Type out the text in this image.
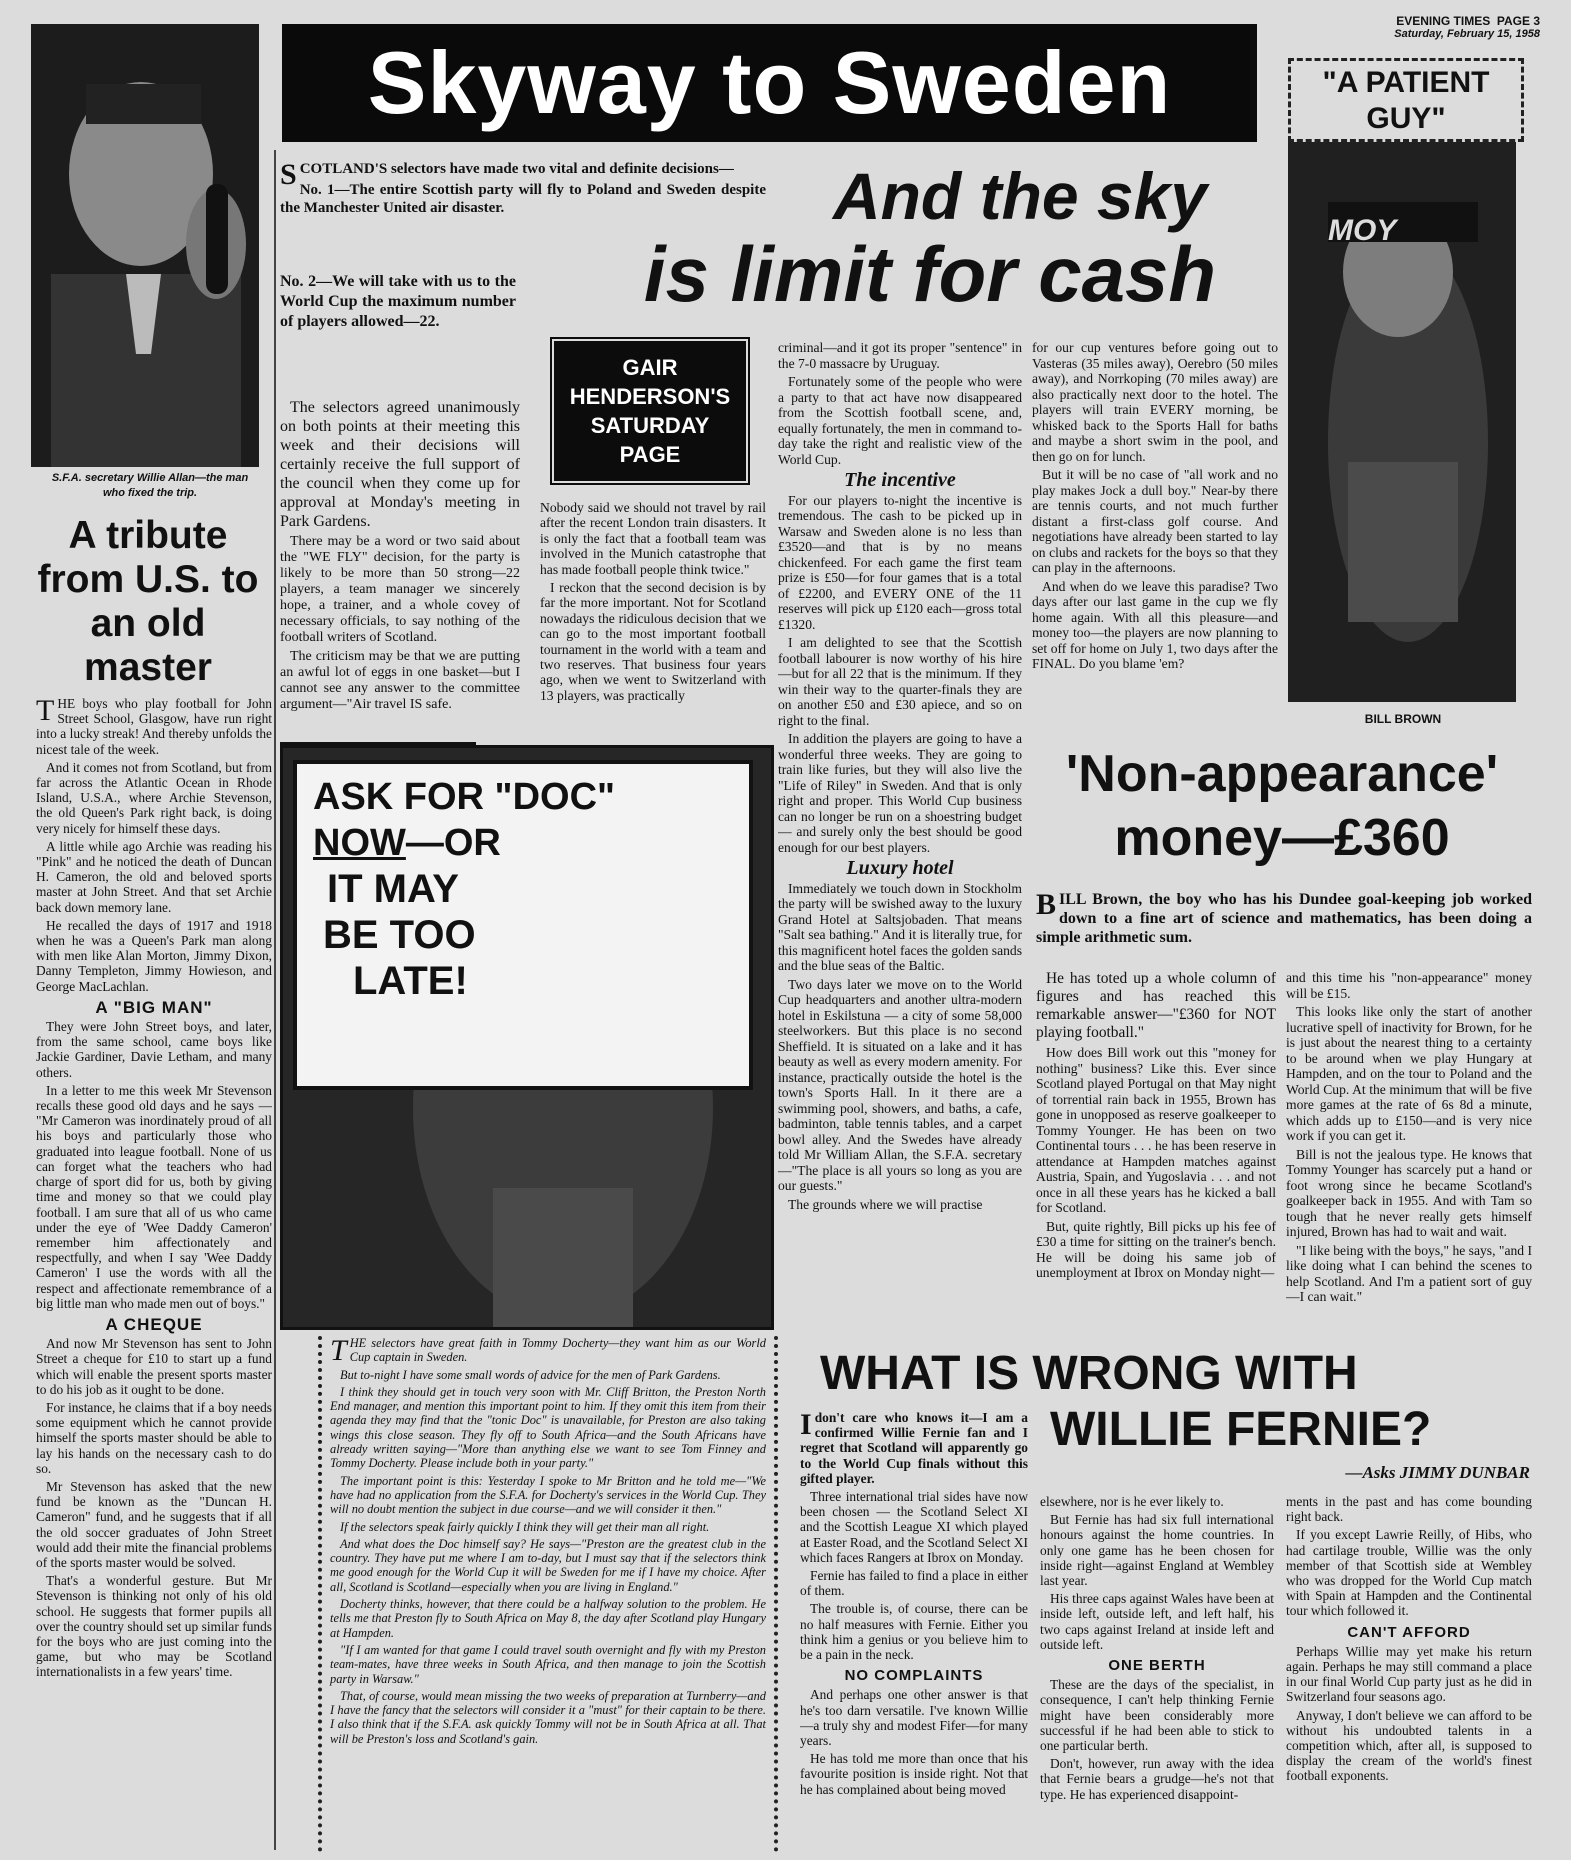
EVENING TIMES PAGE 3
Saturday, February 15, 1958
Skyway to Sweden
S.F.A. secretary Willie Allan—the man who fixed the trip.
A tribute from U.S. to an old master

THE boys who play football for John Street School, Glasgow, have run right into a lucky streak! And thereby unfolds the nicest tale of the week.

And it comes not from Scotland, but from far across the Atlantic Ocean in Rhode Island, U.S.A., where Archie Stevenson, the old Queen's Park right back, is doing very nicely for himself these days.

A little while ago Archie was reading his "Pink" and he noticed the death of Duncan H. Cameron, the old and beloved sports master at John Street. And that set Archie back down memory lane.

He recalled the days of 1917 and 1918 when he was a Queen's Park man along with men like Alan Morton, Jimmy Dixon, Danny Templeton, Jimmy Howieson, and George MacLachlan.

A "BIG MAN"

They were John Street boys, and later, from the same school, came boys like Jackie Gardiner, Davie Letham, and many others.

In a letter to me this week Mr Stevenson recalls these good old days and he says — "Mr Cameron was inordinately proud of all his boys and particularly those who graduated into league football. None of us can forget what the teachers who had charge of sport did for us, both by giving time and money so that we could play football. I am sure that all of us who came under the eye of 'Wee Daddy Cameron' remember him affectionately and respectfully, and when I say 'Wee Daddy Cameron' I use the words with all the respect and affectionate remembrance of a big little man who made men out of boys."

A CHEQUE

And now Mr Stevenson has sent to John Street a cheque for £10 to start up a fund which will enable the present sports master to do his job as it ought to be done.

For instance, he claims that if a boy needs some equipment which he cannot provide himself the sports master should be able to lay his hands on the necessary cash to do so.

Mr Stevenson has asked that the new fund be known as the "Duncan H. Cameron" fund, and he suggests that if all the old soccer graduates of John Street would add their mite the financial problems of the sports master would be solved.

That's a wonderful gesture. But Mr Stevenson is thinking not only of his old school. He suggests that former pupils all over the country should set up similar funds for the boys who are just coming into the game, but who may be Scotland internationalists in a few years' time.

SCOTLAND'S selectors have made two vital and definite decisions—

No. 1—The entire Scottish party will fly to Poland and Sweden despite the Manchester United air disaster.

No. 2—We will take with us to the World Cup the maximum number of players allowed—22.

And the sky
is limit for cash

The selectors agreed unanimously on both points at their meeting this week and their decisions will certainly receive the full support of the council when they come up for approval at Monday's meeting in Park Gardens.

There may be a word or two said about the "WE FLY" decision, for the party is likely to be more than 50 strong—22 players, a team manager we sincerely hope, a trainer, and a whole covey of necessary officials, to say nothing of the football writers of Scotland.

The criticism may be that we are putting an awful lot of eggs in one basket—but I cannot see any answer to the committee argument—"Air travel IS safe.

GAIR
HENDERSON'S
SATURDAY
PAGE

Nobody said we should not travel by rail after the recent London train disasters. It is only the fact that a football team was involved in the Munich catastrophe that has made football people think twice."

I reckon that the second decision is by far the more important. Not for Scotland nowadays the ridiculous decision that we can go to the most important football tournament in the world with a team and two reserves. That business four years ago, when we went to Switzerland with 13 players, was practically

criminal—and it got its proper "sentence" in the 7-0 massacre by Uruguay.

Fortunately some of the people who were a party to that act have now disappeared from the Scottish football scene, and, equally fortunately, the men in command to-day take the right and realistic view of the World Cup.

The incentive

For our players to-night the incentive is tremendous. The cash to be picked up in Warsaw and Sweden alone is no less than £3520—and that is by no means chickenfeed. For each game the first team prize is £50—for four games that is a total of £2200, and EVERY ONE of the 11 reserves will pick up £120 each—gross total £1320.

I am delighted to see that the Scottish football labourer is now worthy of his hire—but for all 22 that is the minimum. If they win their way to the quarter-finals they are on another £50 and £30 apiece, and so on right to the final.

In addition the players are going to have a wonderful three weeks. They are going to train like furies, but they will also live the "Life of Riley" in Sweden. And that is only right and proper. This World Cup business can no longer be run on a shoestring budget — and surely only the best should be good enough for our best players.

Luxury hotel

Immediately we touch down in Stockholm the party will be swished away to the luxury Grand Hotel at Saltsjobaden. That means "Salt sea bathing." And it is literally true, for this magnificent hotel faces the golden sands and the blue seas of the Baltic.

Two days later we move on to the World Cup headquarters and another ultra-modern hotel in Eskilstuna — a city of some 58,000 steelworkers. But this place is no second Sheffield. It is situated on a lake and it has beauty as well as every modern amenity. For instance, practically outside the hotel is the town's Sports Hall. In it there are a swimming pool, showers, and baths, a cafe, badminton, table tennis tables, and a carpet bowl alley. And the Swedes have already told Mr William Allan, the S.F.A. secretary—"The place is all yours so long as you are our guests."

The grounds where we will practise

for our cup ventures before going out to Vasteras (35 miles away), Oerebro (50 miles away), and Norrkoping (70 miles away) are also practically next door to the hotel. The players will train EVERY morning, be whisked back to the Sports Hall for baths and maybe a short swim in the pool, and then go on for lunch.

But it will be no case of "all work and no play makes Jock a dull boy." Near-by there are tennis courts, and not much further distant a first-class golf course. And negotiations have already been started to lay on clubs and rackets for the boys so that they can play in the afternoons.

And when do we leave this paradise? Two days after our last game in the cup we fly home again. With all this pleasure—and money too—the players are now planning to set off for home on July 1, two days after the FINAL. Do you blame 'em?

"A PATIENT GUY"
MOY
BILL BROWN
ASK FOR "DOC"
NOW—OR
IT MAY
BE TOO
LATE!

THE selectors have great faith in Tommy Docherty—they want him as our World Cup captain in Sweden.

But to-night I have some small words of advice for the men of Park Gardens.

I think they should get in touch very soon with Mr. Cliff Britton, the Preston North End manager, and mention this important point to him. If they omit this item from their agenda they may find that the "tonic Doc" is unavailable, for Preston are also taking wings this close season. They fly off to South Africa—and the South Africans have already written saying—"More than anything else we want to see Tom Finney and Tommy Docherty. Please include both in your party."

The important point is this: Yesterday I spoke to Mr Britton and he told me—"We have had no application from the S.F.A. for Docherty's services in the World Cup. They will no doubt mention the subject in due course—and we will consider it then."

If the selectors speak fairly quickly I think they will get their man all right.

And what does the Doc himself say? He says—"Preston are the greatest club in the country. They have put me where I am to-day, but I must say that if the selectors think me good enough for the World Cup it will be Sweden for me if I have my choice. After all, Scotland is Scotland—especially when you are living in England."

Docherty thinks, however, that there could be a halfway solution to the problem. He tells me that Preston fly to South Africa on May 8, the day after Scotland play Hungary at Hampden.

"If I am wanted for that game I could travel south overnight and fly with my Preston team-mates, have three weeks in South Africa, and then manage to join the Scottish party in Warsaw."

That, of course, would mean missing the two weeks of preparation at Turnberry—and I have the fancy that the selectors will consider it a "must" for their captain to be there. I also think that if the S.F.A. ask quickly Tommy will not be in South Africa at all. That will be Preston's loss and Scotland's gain.

'Non-appearance'
money—£360

BILL Brown, the boy who has his Dundee goal-keeping job worked down to a fine art of science and mathematics, has been doing a simple arithmetic sum.

He has toted up a whole column of figures and has reached this remarkable answer—"£360 for NOT playing football."

How does Bill work out this "money for nothing" business? Like this. Ever since Scotland played Portugal on that May night of torrential rain back in 1955, Brown has gone in unopposed as reserve goalkeeper to Tommy Younger. He has been on two Continental tours . . . he has been reserve in attendance at Hampden matches against Austria, Spain, and Yugoslavia . . . and not once in all these years has he kicked a ball for Scotland.

But, quite rightly, Bill picks up his fee of £30 a time for sitting on the trainer's bench. He will be doing his same job of unemployment at Ibrox on Monday night—

and this time his "non-appearance" money will be £15.

This looks like only the start of another lucrative spell of inactivity for Brown, for he is just about the nearest thing to a certainty to be around when we play Hungary at Hampden, and on the tour to Poland and the World Cup. At the minimum that will be five more games at the rate of 6s 8d a minute, which adds up to £150—and is very nice work if you can get it.

Bill is not the jealous type. He knows that Tommy Younger has scarcely put a hand or foot wrong since he became Scotland's goalkeeper back in 1955. And with Tam so tough that he never really gets himself injured, Brown has had to wait and wait.

"I like being with the boys," he says, "and I like doing what I can behind the scenes to help Scotland. And I'm a patient sort of guy—I can wait."

WHAT IS WRONG WITH
WILLIE FERNIE?
—Asks JIMMY DUNBAR

Idon't care who knows it—I am a confirmed Willie Fernie fan and I regret that Scotland will apparently go to the World Cup finals without this gifted player.

Three international trial sides have now been chosen — the Scotland Select XI and the Scottish League XI which played at Easter Road, and the Scotland Select XI which faces Rangers at Ibrox on Monday.

Fernie has failed to find a place in either of them.

The trouble is, of course, there can be no half measures with Fernie. Either you think him a genius or you believe him to be a pain in the neck.

NO COMPLAINTS

And perhaps one other answer is that he's too darn versatile. I've known Willie—a truly shy and modest Fifer—for many years.

He has told me more than once that his favourite position is inside right. Not that he has complained about being moved

elsewhere, nor is he ever likely to.

But Fernie has had six full international honours against the home countries. In only one game has he been chosen for inside right—against England at Wembley last year.

His three caps against Wales have been at inside left, outside left, and left half, his two caps against Ireland at inside left and outside left.

ONE BERTH

These are the days of the specialist, in consequence, I can't help thinking Fernie might have been considerably more successful if he had been able to stick to one particular berth.

Don't, however, run away with the idea that Fernie bears a grudge—he's not that type. He has experienced disappoint-

ments in the past and has come bounding right back.

If you except Lawrie Reilly, of Hibs, who had cartilage trouble, Willie was the only member of that Scottish side at Wembley who was dropped for the World Cup match with Spain at Hampden and the Continental tour which followed it.

CAN'T AFFORD

Perhaps Willie may yet make his return again. Perhaps he may still command a place in our final World Cup party just as he did in Switzerland four seasons ago.

Anyway, I don't believe we can afford to be without his undoubted talents in a competition which, after all, is supposed to display the cream of the world's finest football exponents.
